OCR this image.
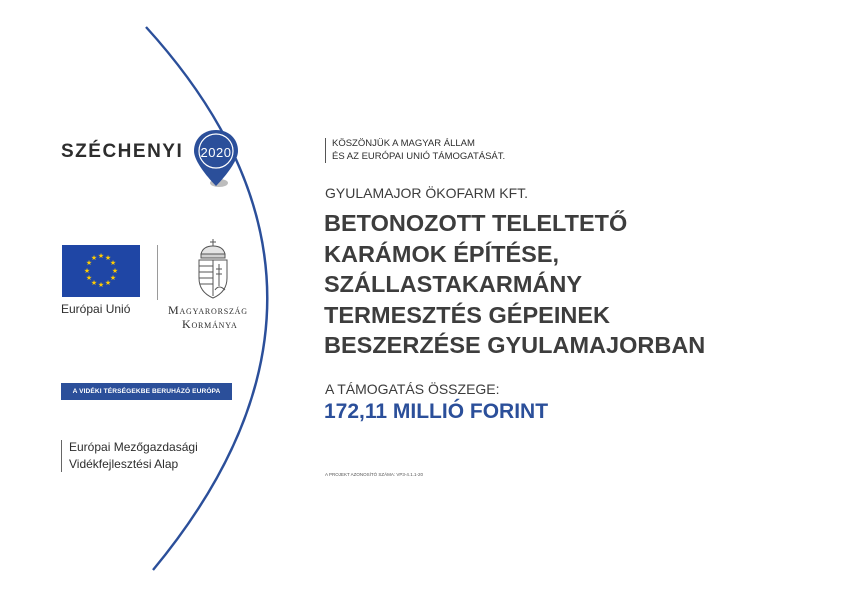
SZÉCHENYI	2020
★ ★
★
★
★
★
★
★
★
★
★
★
Európai Unió	Magyarország
Kormánya
A VIDÉKI TÉRSÉGEKBE BERUHÁZÓ EURÓPA
Európai Mezőgazdasági
Vidékfejlesztési Alap
KÖSZÖNJÜK A MAGYAR ÁLLAM
ÉS AZ EURÓPAI UNIÓ TÁMOGATÁSÁT.
GYULAMAJOR ÖKOFARM KFT.
BETONOZOTT TELELTETŐ
KARÁMOK ÉPÍTÉSE,
SZÁLLASTAKARMÁNY
TERMESZTÉS GÉPEINEK
BESZERZÉSE GYULAMAJORBAN
A TÁMOGATÁS ÖSSZEGE:
172,11 MILLIÓ FORINT
A PROJEKT AZONOSÍTÓ SZÁMA: VP3-4.1.1-20
